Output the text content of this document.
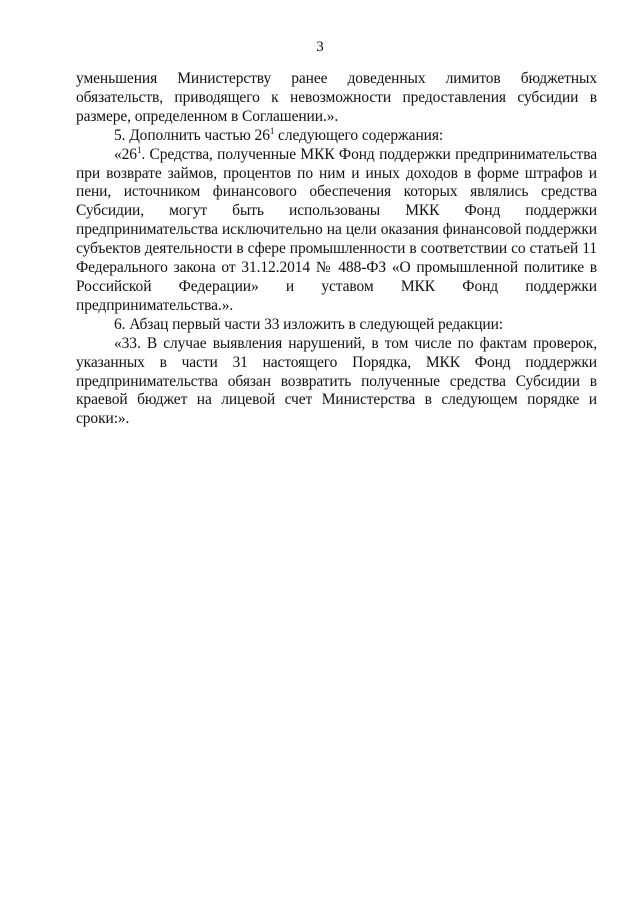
3

уменьшения Министерству ранее доведенных лимитов бюджетных обязательств, приводящего к невозможности предоставления субсидии в размере, определенном в Соглашении.».

5. Дополнить частью $26^1$ следующего содержания:

«$26^1$. Средства, полученные МКК Фонд поддержки предпринимательства при возврате займов, процентов по ним и иных доходов в форме штрафов и пени, источником финансового обеспечения которых являлись средства Субсидии, могут быть использованы МКК Фонд поддержки предпринимательства исключительно на цели оказания финансовой поддержки субъектов деятельности в сфере промышленности в соответствии со статьей 11 Федерального закона от 31.12.2014 № 488-ФЗ «О промышленной политике в Российской Федерации» и уставом МКК Фонд поддержки предпринимательства.».

6. Абзац первый части 33 изложить в следующей редакции:

«33. В случае выявления нарушений, в том числе по фактам проверок, указанных в части 31 настоящего Порядка, МКК Фонд поддержки предпринимательства обязан возвратить полученные средства Субсидии в краевой бюджет на лицевой счет Министерства в следующем порядке и сроки:».
